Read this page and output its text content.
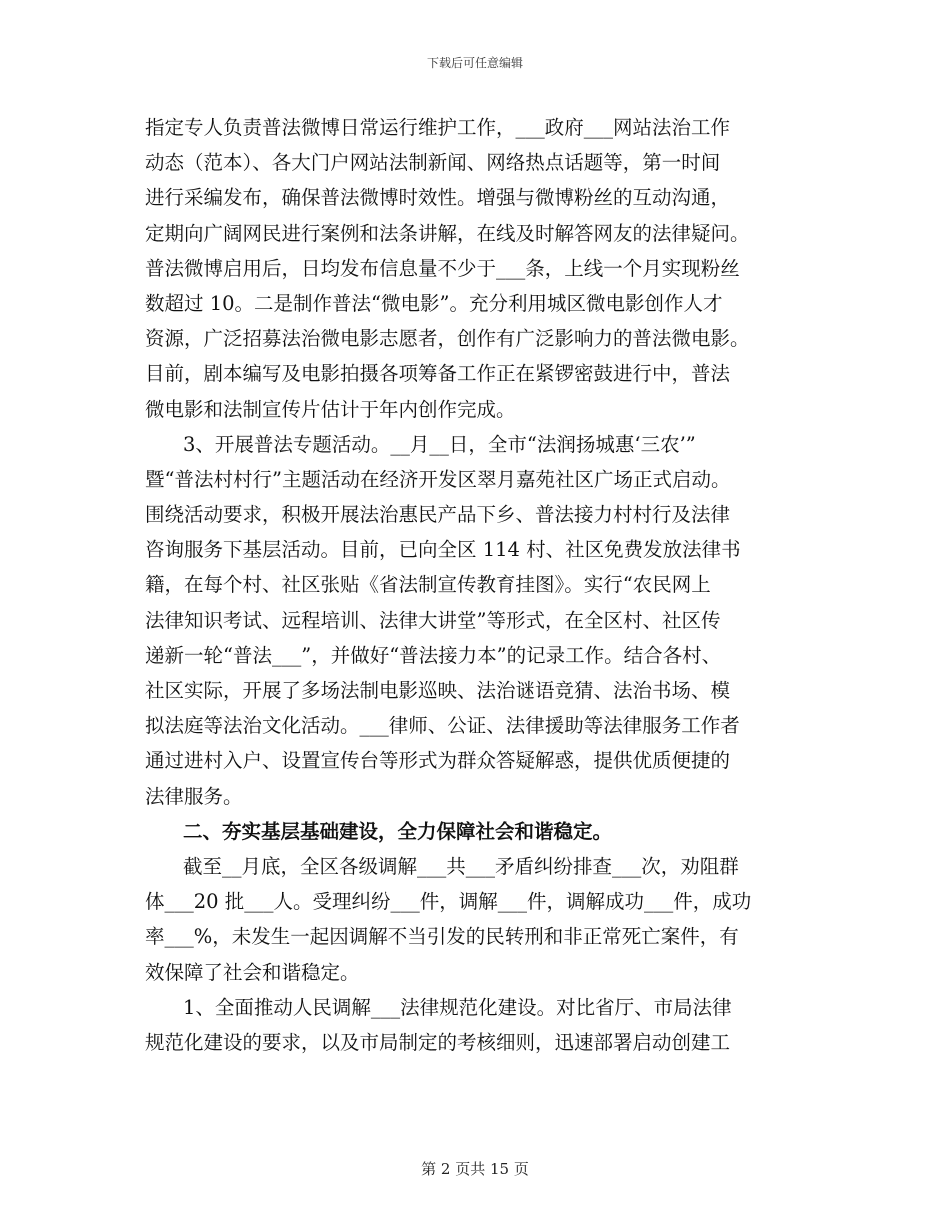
下载后可任意编辑
指定专人负责普法微博日常运行维护工作，___政府___网站法治工作
动态（范本）、各大门户网站法制新闻、网络热点话题等，第一时间
进行采编发布，确保普法微博时效性。增强与微博粉丝的互动沟通，
定期向广阔网民进行案例和法条讲解，在线及时解答网友的法律疑问。
普法微博启用后，日均发布信息量不少于___条，上线一个月实现粉丝
数超过 10。二是制作普法“微电影”。充分利用城区微电影创作人才
资源，广泛招募法治微电影志愿者，创作有广泛影响力的普法微电影。
目前，剧本编写及电影拍摄各项筹备工作正在紧锣密鼓进行中，普法
微电影和法制宣传片估计于年内创作完成。
3、开展普法专题活动。__月__日，全市“法润扬城惠‘三农’”
暨“普法村村行”主题活动在经济开发区翠月嘉苑社区广场正式启动。
围绕活动要求，积极开展法治惠民产品下乡、普法接力村村行及法律
咨询服务下基层活动。目前，已向全区 114 村、社区免费发放法律书
籍，在每个村、社区张贴《省法制宣传教育挂图》。实行“农民网上
法律知识考试、远程培训、法律大讲堂”等形式，在全区村、社区传
递新一轮“普法___”，并做好“普法接力本”的记录工作。结合各村、
社区实际，开展了多场法制电影巡映、法治谜语竞猜、法治书场、模
拟法庭等法治文化活动。___律师、公证、法律援助等法律服务工作者
通过进村入户、设置宣传台等形式为群众答疑解惑，提供优质便捷的
法律服务。
二、夯实基层基础建设，全力保障社会和谐稳定。
截至__月底，全区各级调解___共___矛盾纠纷排查___次，劝阻群
体___20 批___人。受理纠纷___件，调解___件，调解成功___件，成功
率___%，未发生一起因调解不当引发的民转刑和非正常死亡案件，有
效保障了社会和谐稳定。
1、全面推动人民调解___法律规范化建设。对比省厅、市局法律
规范化建设的要求，以及市局制定的考核细则，迅速部署启动创建工
第 2 页共 15 页
